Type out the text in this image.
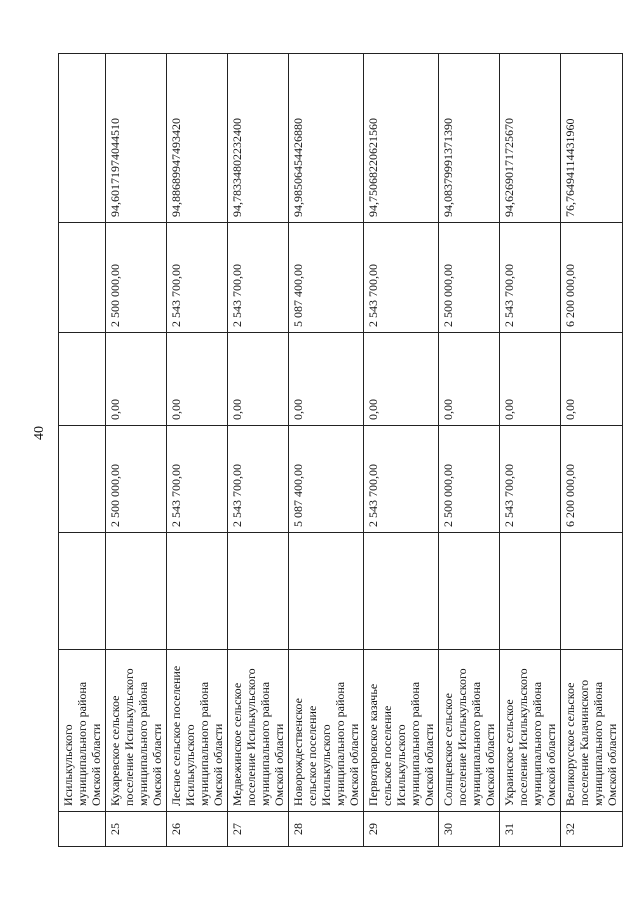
40
	Исилькульского муниципального района Омской области					
25	Кухаревское сельское поселение Исилькульского муниципального района Омской области		2 500 000,00	0,00	2 500 000,00	94,60171974044510
26	Лесное сельское поселение Исилькульского муниципального района Омской области		2 543 700,00	0,00	2 543 700,00	94,88689947493420
27	Медвежинское сельское поселение Исилькульского муниципального района Омской области		2 543 700,00	0,00	2 543 700,00	94,78334802232400
28	Новорождественское сельское поселение Исилькульского муниципального района Омской области		5 087 400,00	0,00	5 087 400,00	94,98506454426880
29	Первотаровское казачье сельское поселение Исилькульского муниципального района Омской области		2 543 700,00	0,00	2 543 700,00	94,75068220621560
30	Солнцевское сельское поселение Исилькульского муниципального района Омской области		2 500 000,00	0,00	2 500 000,00	94,08379991371390
31	Украинское сельское поселение Исилькульского муниципального района Омской области		2 543 700,00	0,00	2 543 700,00	94,62690171725670
32	Великорусское сельское поселение Калачинского муниципального района Омской области		6 200 000,00	0,00	6 200 000,00	76,76494114431960
